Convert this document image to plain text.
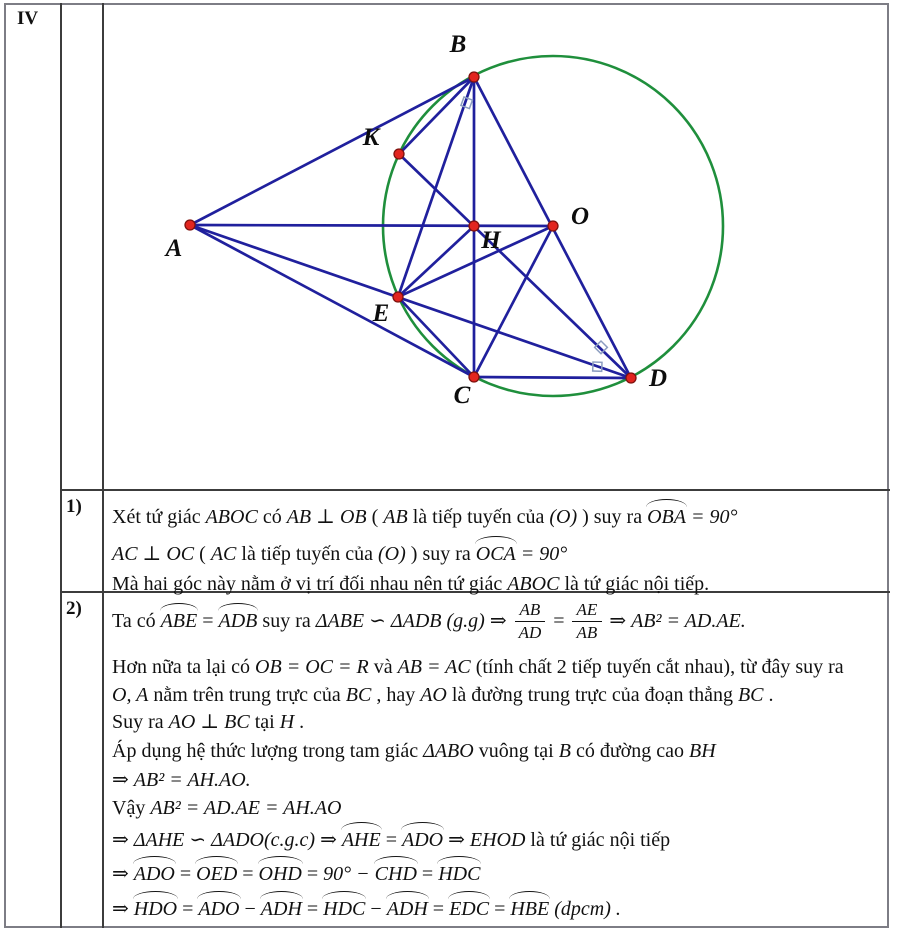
IV
1)
2)
A
B
K
H
O
E
C
D
Xét tứ giác ABOC có AB ⊥ OB ( AB là tiếp tuyến của (O) ) suy ra OBA = 90°
AC ⊥ OC ( AC là tiếp tuyến của (O) ) suy ra OCA = 90°
Mà hai góc này nằm ở vị trí đối nhau nên tứ giác ABOC là tứ giác nội tiếp.
Ta có ABE = ADB suy ra ΔABE ∽ ΔADB (g.g) ⇒ $\frac{AB}{AD} = \frac{AE}{AB}$ ⇒ AB² = AD.AE.
Hơn nữa ta lại có OB = OC = R và AB = AC (tính chất 2 tiếp tuyến cắt nhau), từ đây suy ra
O, A nằm trên trung trực của BC , hay AO là đường trung trực của đoạn thẳng BC .
Suy ra AO ⊥ BC tại H .
Áp dụng hệ thức lượng trong tam giác ΔABO vuông tại B có đường cao BH
⇒ AB² = AH.AO.
Vậy AB² = AD.AE = AH.AO
⇒ ΔAHE ∽ ΔADO(c.g.c) ⇒ AHE = ADO ⇒ EHOD là tứ giác nội tiếp
⇒ ADO = OED = OHD = 90° − CHD = HDC
⇒ HDO = ADO − ADH = HDC − ADH = EDC = HBE (dpcm) .
